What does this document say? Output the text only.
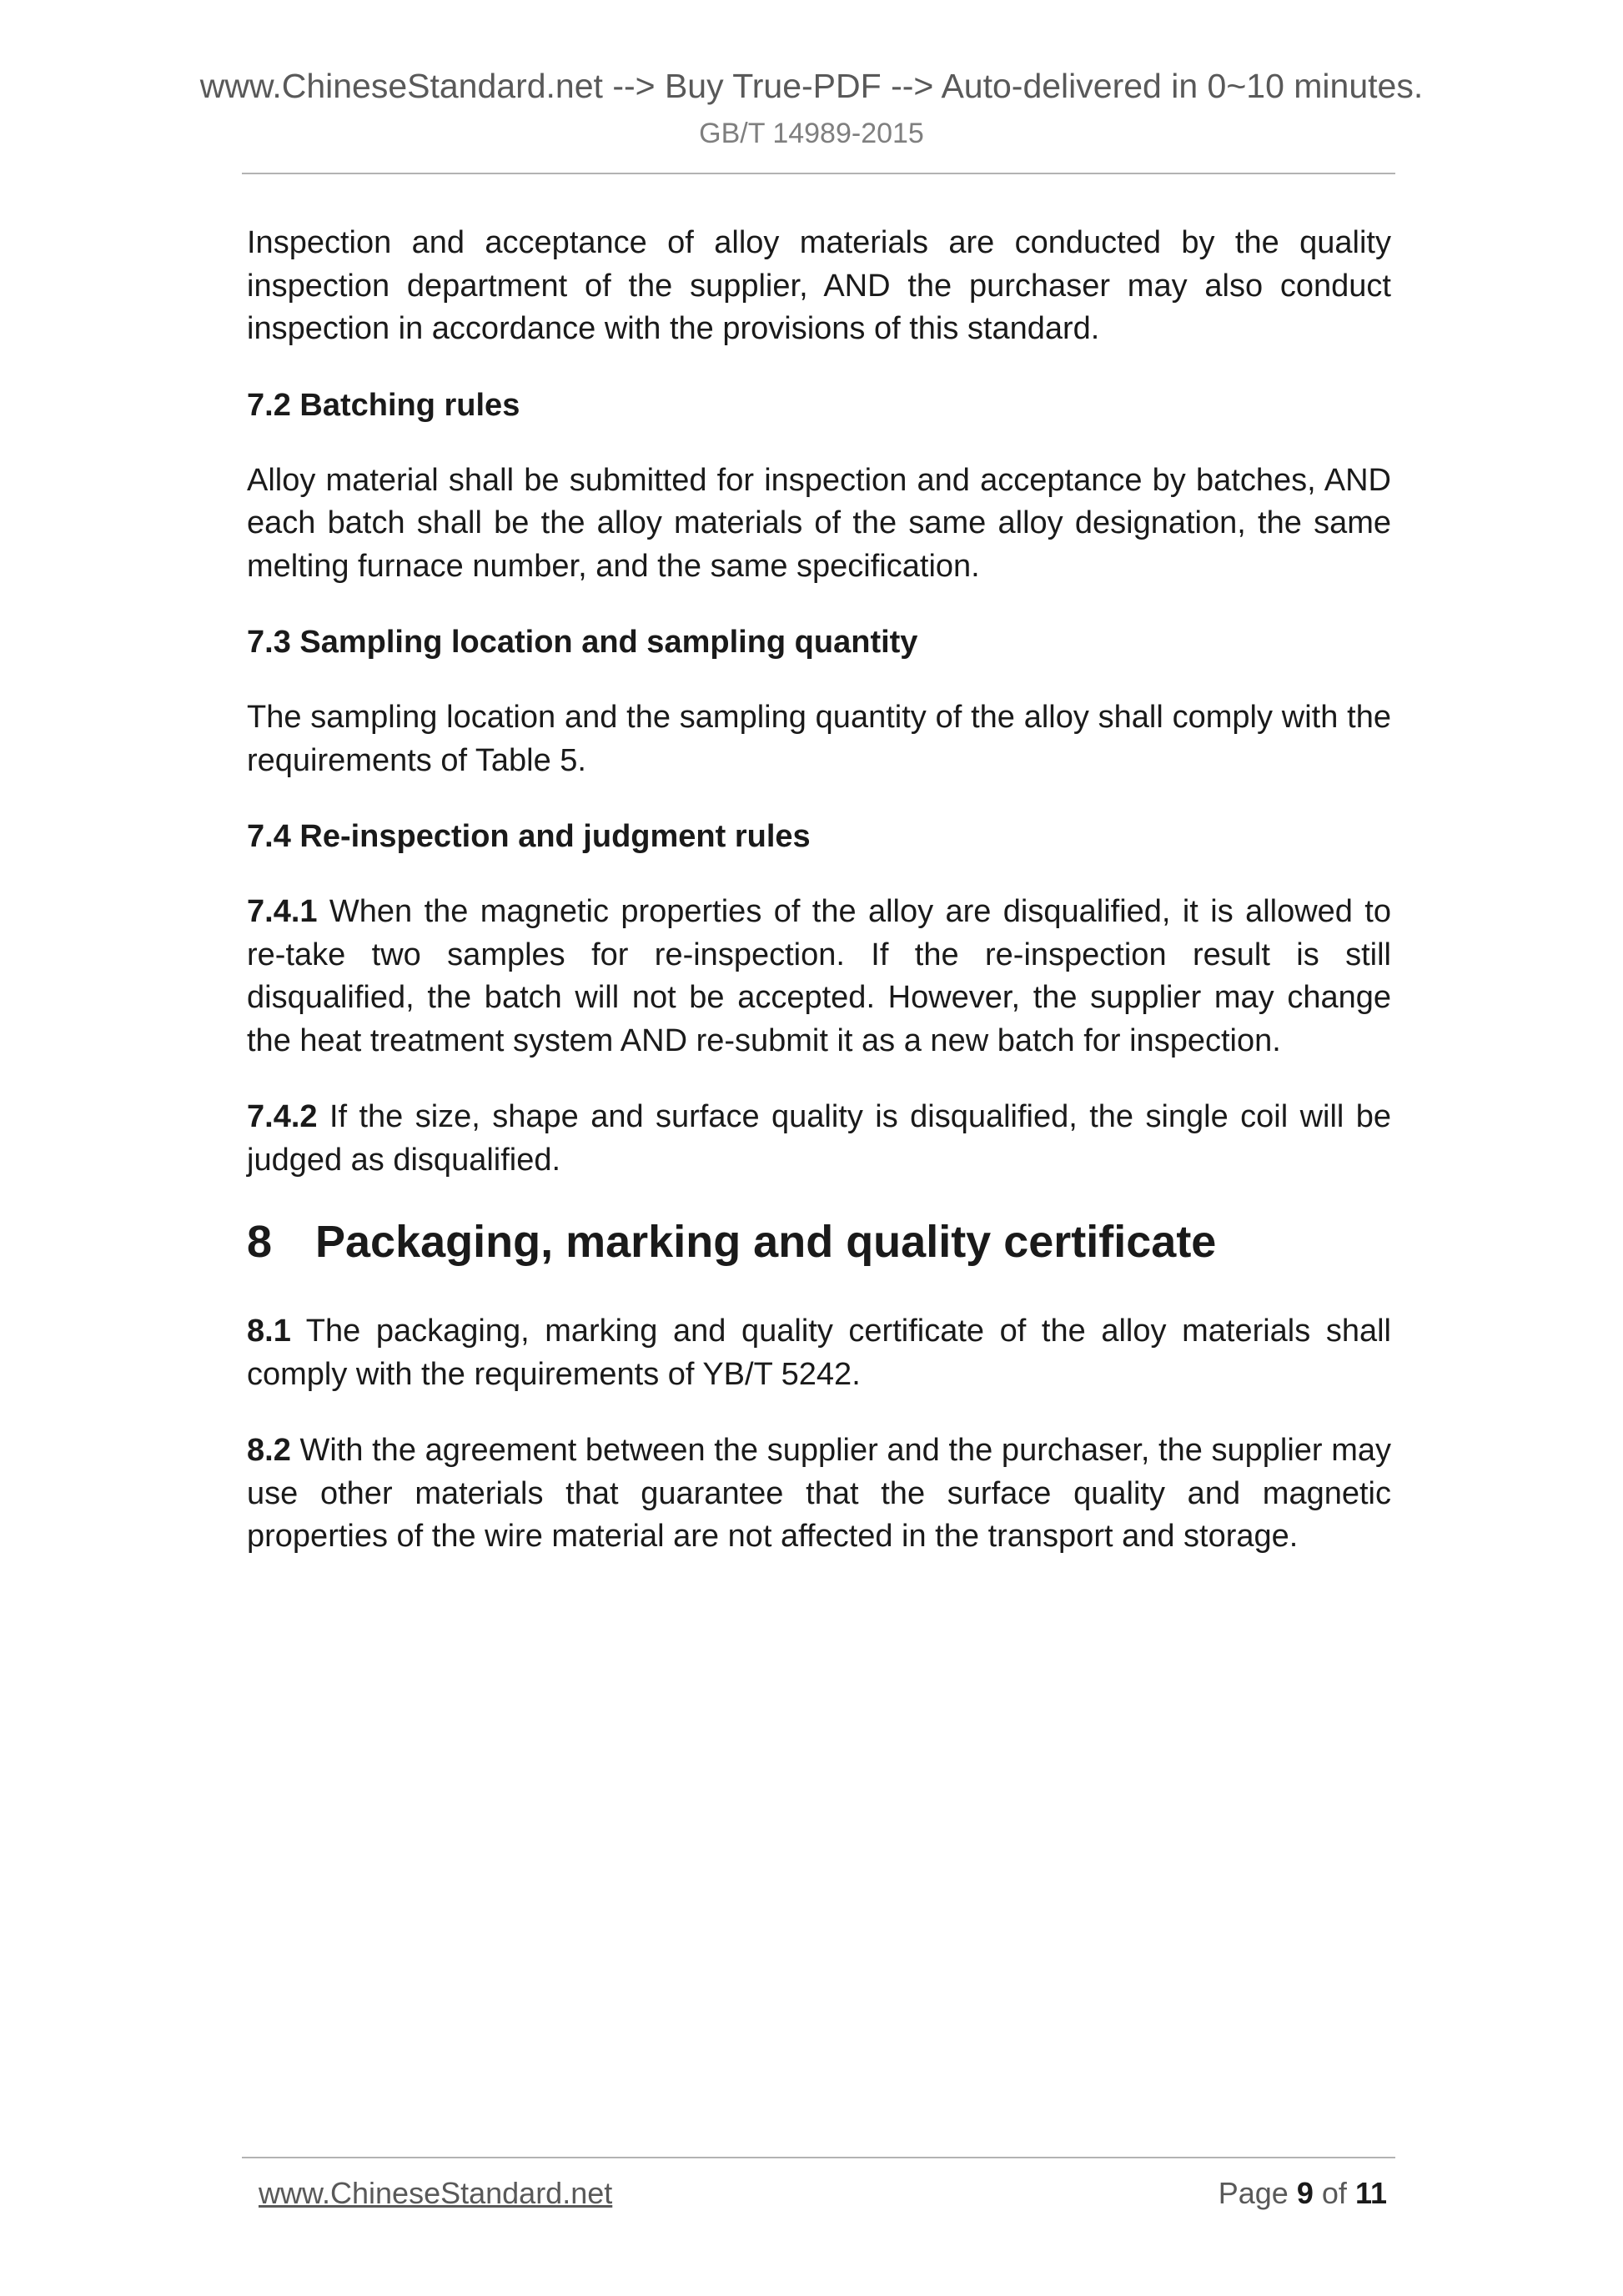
www.ChineseStandard.net --> Buy True-PDF --> Auto-delivered in 0~10 minutes.
GB/T 14989-2015

Inspection and acceptance of alloy materials are conducted by the quality inspection department of the supplier, AND the purchaser may also conduct inspection in accordance with the provisions of this standard.

7.2 Batching rules

Alloy material shall be submitted for inspection and acceptance by batches, AND each batch shall be the alloy materials of the same alloy designation, the same melting furnace number, and the same specification.

7.3 Sampling location and sampling quantity

The sampling location and the sampling quantity of the alloy shall comply with the requirements of Table 5.

7.4 Re-inspection and judgment rules

7.4.1 When the magnetic properties of the alloy are disqualified, it is allowed to re-take two samples for re-inspection. If the re-inspection result is still disqualified, the batch will not be accepted. However, the supplier may change the heat treatment system AND re-submit it as a new batch for inspection.

7.4.2 If the size, shape and surface quality is disqualified, the single coil will be judged as disqualified.

8 Packaging, marking and quality certificate

8.1 The packaging, marking and quality certificate of the alloy materials shall comply with the requirements of YB/T 5242.

8.2 With the agreement between the supplier and the purchaser, the supplier may use other materials that guarantee that the surface quality and magnetic properties of the wire material are not affected in the transport and storage.

www.ChineseStandard.net	Page 9 of 11
